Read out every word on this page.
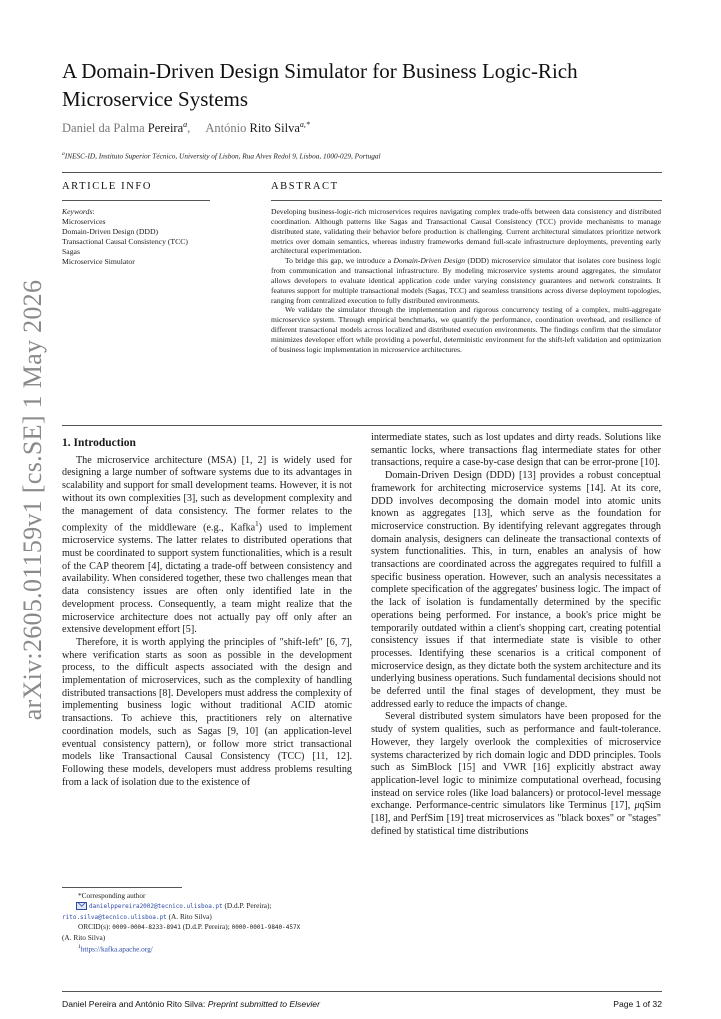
arXiv:2605.01159v1 [cs.SE] 1 May 2026
A Domain-Driven Design Simulator for Business Logic-Rich Microservice Systems
Daniel da Palma Pereira$^a$, António Rito Silva$^{a,*}$
$^a$INESC-ID, Instituto Superior Técnico, University of Lisbon, Rua Alves Redol 9, Lisboa, 1000-029, Portugal
ARTICLE INFO	ABSTRACT
Keywords:
Microservices
Domain-Driven Design (DDD)
Transactional Causal Consistency (TCC)
Sagas
Microservice Simulator

Developing business-logic-rich microservices requires navigating complex trade-offs between data consistency and distributed coordination. Although patterns like Sagas and Transactional Causal Consistency (TCC) provide mechanisms to manage distributed state, validating their behavior before production is challenging. Current architectural simulators prioritize network metrics over domain semantics, whereas industry frameworks demand full-scale infrastructure deployments, preventing early architectural experimentation.

To bridge this gap, we introduce a Domain-Driven Design (DDD) microservice simulator that isolates core business logic from communication and transactional infrastructure. By modeling microservice systems around aggregates, the simulator allows developers to evaluate identical application code under varying consistency guarantees and network constraints. It features support for multiple transactional models (Sagas, TCC) and seamless transitions across diverse deployment topologies, ranging from centralized execution to fully distributed environments.

We validate the simulator through the implementation and rigorous concurrency testing of a complex, multi-aggregate microservice system. Through empirical benchmarks, we quantify the performance, coordination overhead, and resilience of different transactional models across localized and distributed execution environments. The findings confirm that the simulator minimizes developer effort while providing a powerful, deterministic environment for the shift-left validation and optimization of business logic implementation in microservice architectures.

1. Introduction

The microservice architecture (MSA) [1, 2] is widely used for designing a large number of software systems due to its advantages in scalability and support for small development teams. However, it is not without its own complexities [3], such as development complexity and the management of data consistency. The former relates to the complexity of the middleware (e.g., Kafka$^1$) used to implement microservice systems. The latter relates to distributed operations that must be coordinated to support system functionalities, which is a result of the CAP theorem [4], dictating a trade-off between consistency and availability. When considered together, these two challenges mean that data consistency issues are often only identified late in the development process. Consequently, a team might realize that the microservice architecture does not actually pay off only after an extensive development effort [5].

Therefore, it is worth applying the principles of "shift-left" [6, 7], where verification starts as soon as possible in the development process, to the difficult aspects associated with the design and implementation of microservices, such as the complexity of handling distributed transactions [8]. Developers must address the complexity of implementing business logic without traditional ACID atomic transactions. To achieve this, practitioners rely on alternative coordination models, such as Sagas [9, 10] (an application-level eventual consistency pattern), or follow more strict transactional models like Transactional Causal Consistency (TCC) [11, 12]. Following these models, developers must address problems resulting from a lack of isolation due to the existence of

intermediate states, such as lost updates and dirty reads. Solutions like semantic locks, where transactions flag intermediate states for other transactions, require a case-by-case design that can be error-prone [10].

Domain-Driven Design (DDD) [13] provides a robust conceptual framework for architecting microservice systems [14]. At its core, DDD involves decomposing the domain model into atomic units known as aggregates [13], which serve as the foundation for microservice construction. By identifying relevant aggregates through domain analysis, designers can delineate the transactional contexts of system functionalities. This, in turn, enables an analysis of how transactions are coordinated across the aggregates required to fulfill a specific business operation. However, such an analysis necessitates a complete specification of the aggregates' business logic. The impact of the lack of isolation is fundamentally determined by the specific operations being performed. For instance, a book's price might be temporarily outdated within a client's shopping cart, creating potential consistency issues if that intermediate state is visible to other processes. Identifying these scenarios is a critical component of microservice design, as they dictate both the system architecture and its underlying business operations. Such fundamental decisions should not be deferred until the final stages of development, they must be addressed early to reduce the impacts of change.

Several distributed system simulators have been proposed for the study of system qualities, such as performance and fault-tolerance. However, they largely overlook the complexities of microservice systems characterized by rich domain logic and DDD principles. Tools such as SimBlock [15] and VWR [16] explicitly abstract away application-level logic to minimize computational overhead, focusing instead on service roles (like load balancers) or protocol-level message exchange. Performance-centric simulators like Terminus [17], μqSim [18], and PerfSim [19] treat microservices as "black boxes" or "stages" defined by statistical time distributions

*Corresponding author

danielppereira2002@tecnico.ulisboa.pt (D.d.P. Pereira);

rito.silva@tecnico.ulisboa.pt (A. Rito Silva)

ORCID(s): 0009-0004-8233-8941 (D.d.P. Pereira); 0000-0001-9840-457X

(A. Rito Silva)

$^1$https://kafka.apache.org/

Daniel Pereira and António Rito Silva: Preprint submitted to Elsevier	Page 1 of 32
